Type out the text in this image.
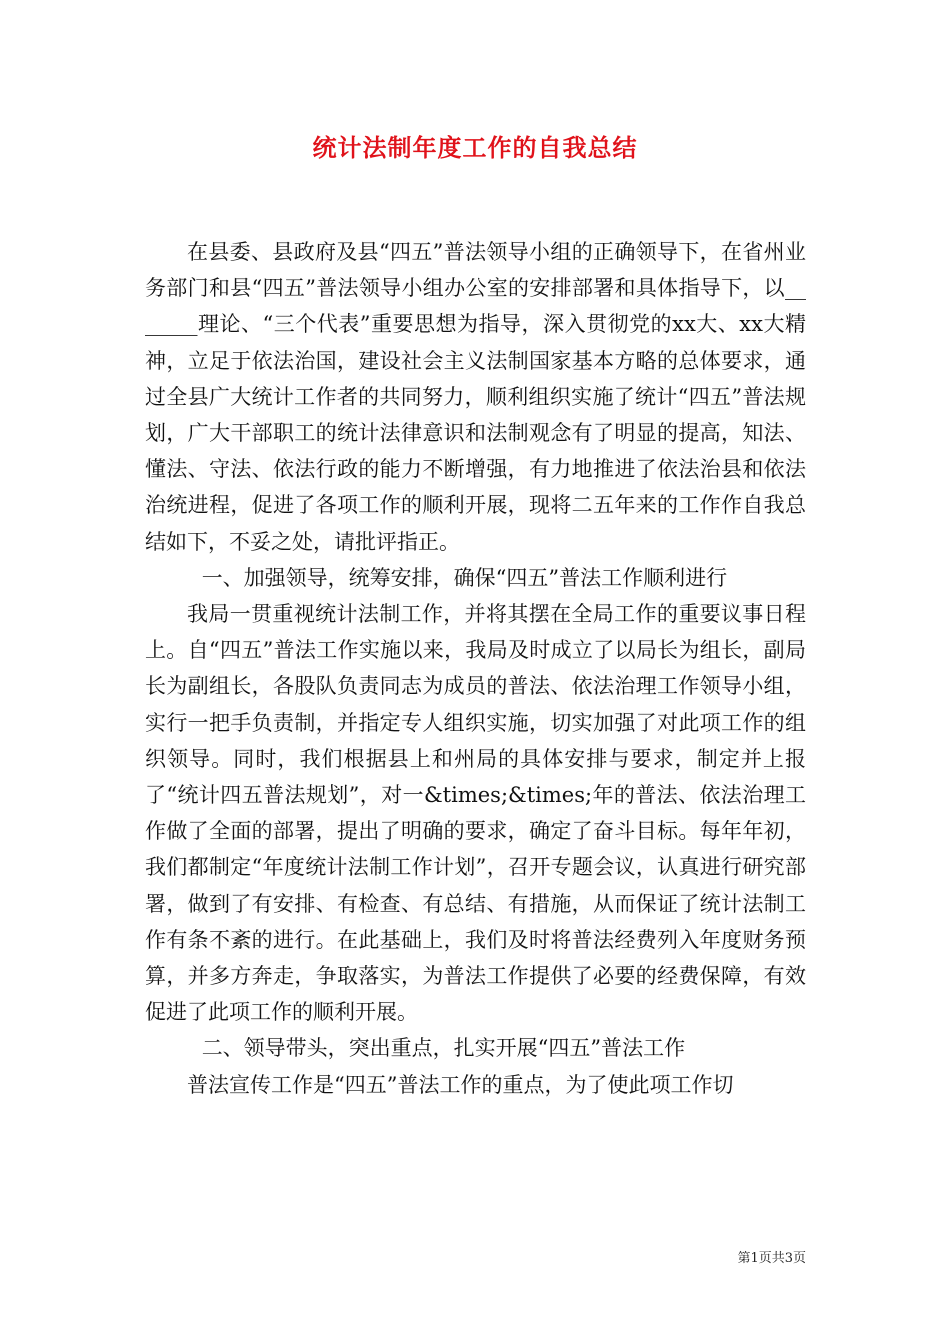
统计法制年度工作的自我总结

在县委、县政府及县“四五”普法领导小组的正确领导下，在省州业务部门和县“四五”普法领导小组办公室的安排部署和具体指导下，以_______理论、“三个代表”重要思想为指导，深入贯彻党的xx大、xx大精神，立足于依法治国，建设社会主义法制国家基本方略的总体要求，通过全县广大统计工作者的共同努力，顺利组织实施了统计“四五”普法规划，广大干部职工的统计法律意识和法制观念有了明显的提高，知法、懂法、守法、依法行政的能力不断增强，有力地推进了依法治县和依法治统进程，促进了各项工作的顺利开展，现将二五年来的工作作自我总结如下，不妥之处，请批评指正。

一、加强领导，统筹安排，确保“四五”普法工作顺利进行

我局一贯重视统计法制工作，并将其摆在全局工作的重要议事日程上。自“四五”普法工作实施以来，我局及时成立了以局长为组长，副局长为副组长，各股队负责同志为成员的普法、依法治理工作领导小组，实行一把手负责制，并指定专人组织实施，切实加强了对此项工作的组织领导。同时，我们根据县上和州局的具体安排与要求，制定并上报了“统计四五普法规划”，对一&times;&times;年的普法、依法治理工作做了全面的部署，提出了明确的要求，确定了奋斗目标。每年年初，我们都制定“年度统计法制工作计划”，召开专题会议，认真进行研究部署，做到了有安排、有检查、有总结、有措施，从而保证了统计法制工作有条不紊的进行。在此基础上，我们及时将普法经费列入年度财务预算，并多方奔走，争取落实，为普法工作提供了必要的经费保障，有效促进了此项工作的顺利开展。

二、领导带头，突出重点，扎实开展“四五”普法工作

普法宣传工作是“四五”普法工作的重点，为了使此项工作切

第1页共3页
